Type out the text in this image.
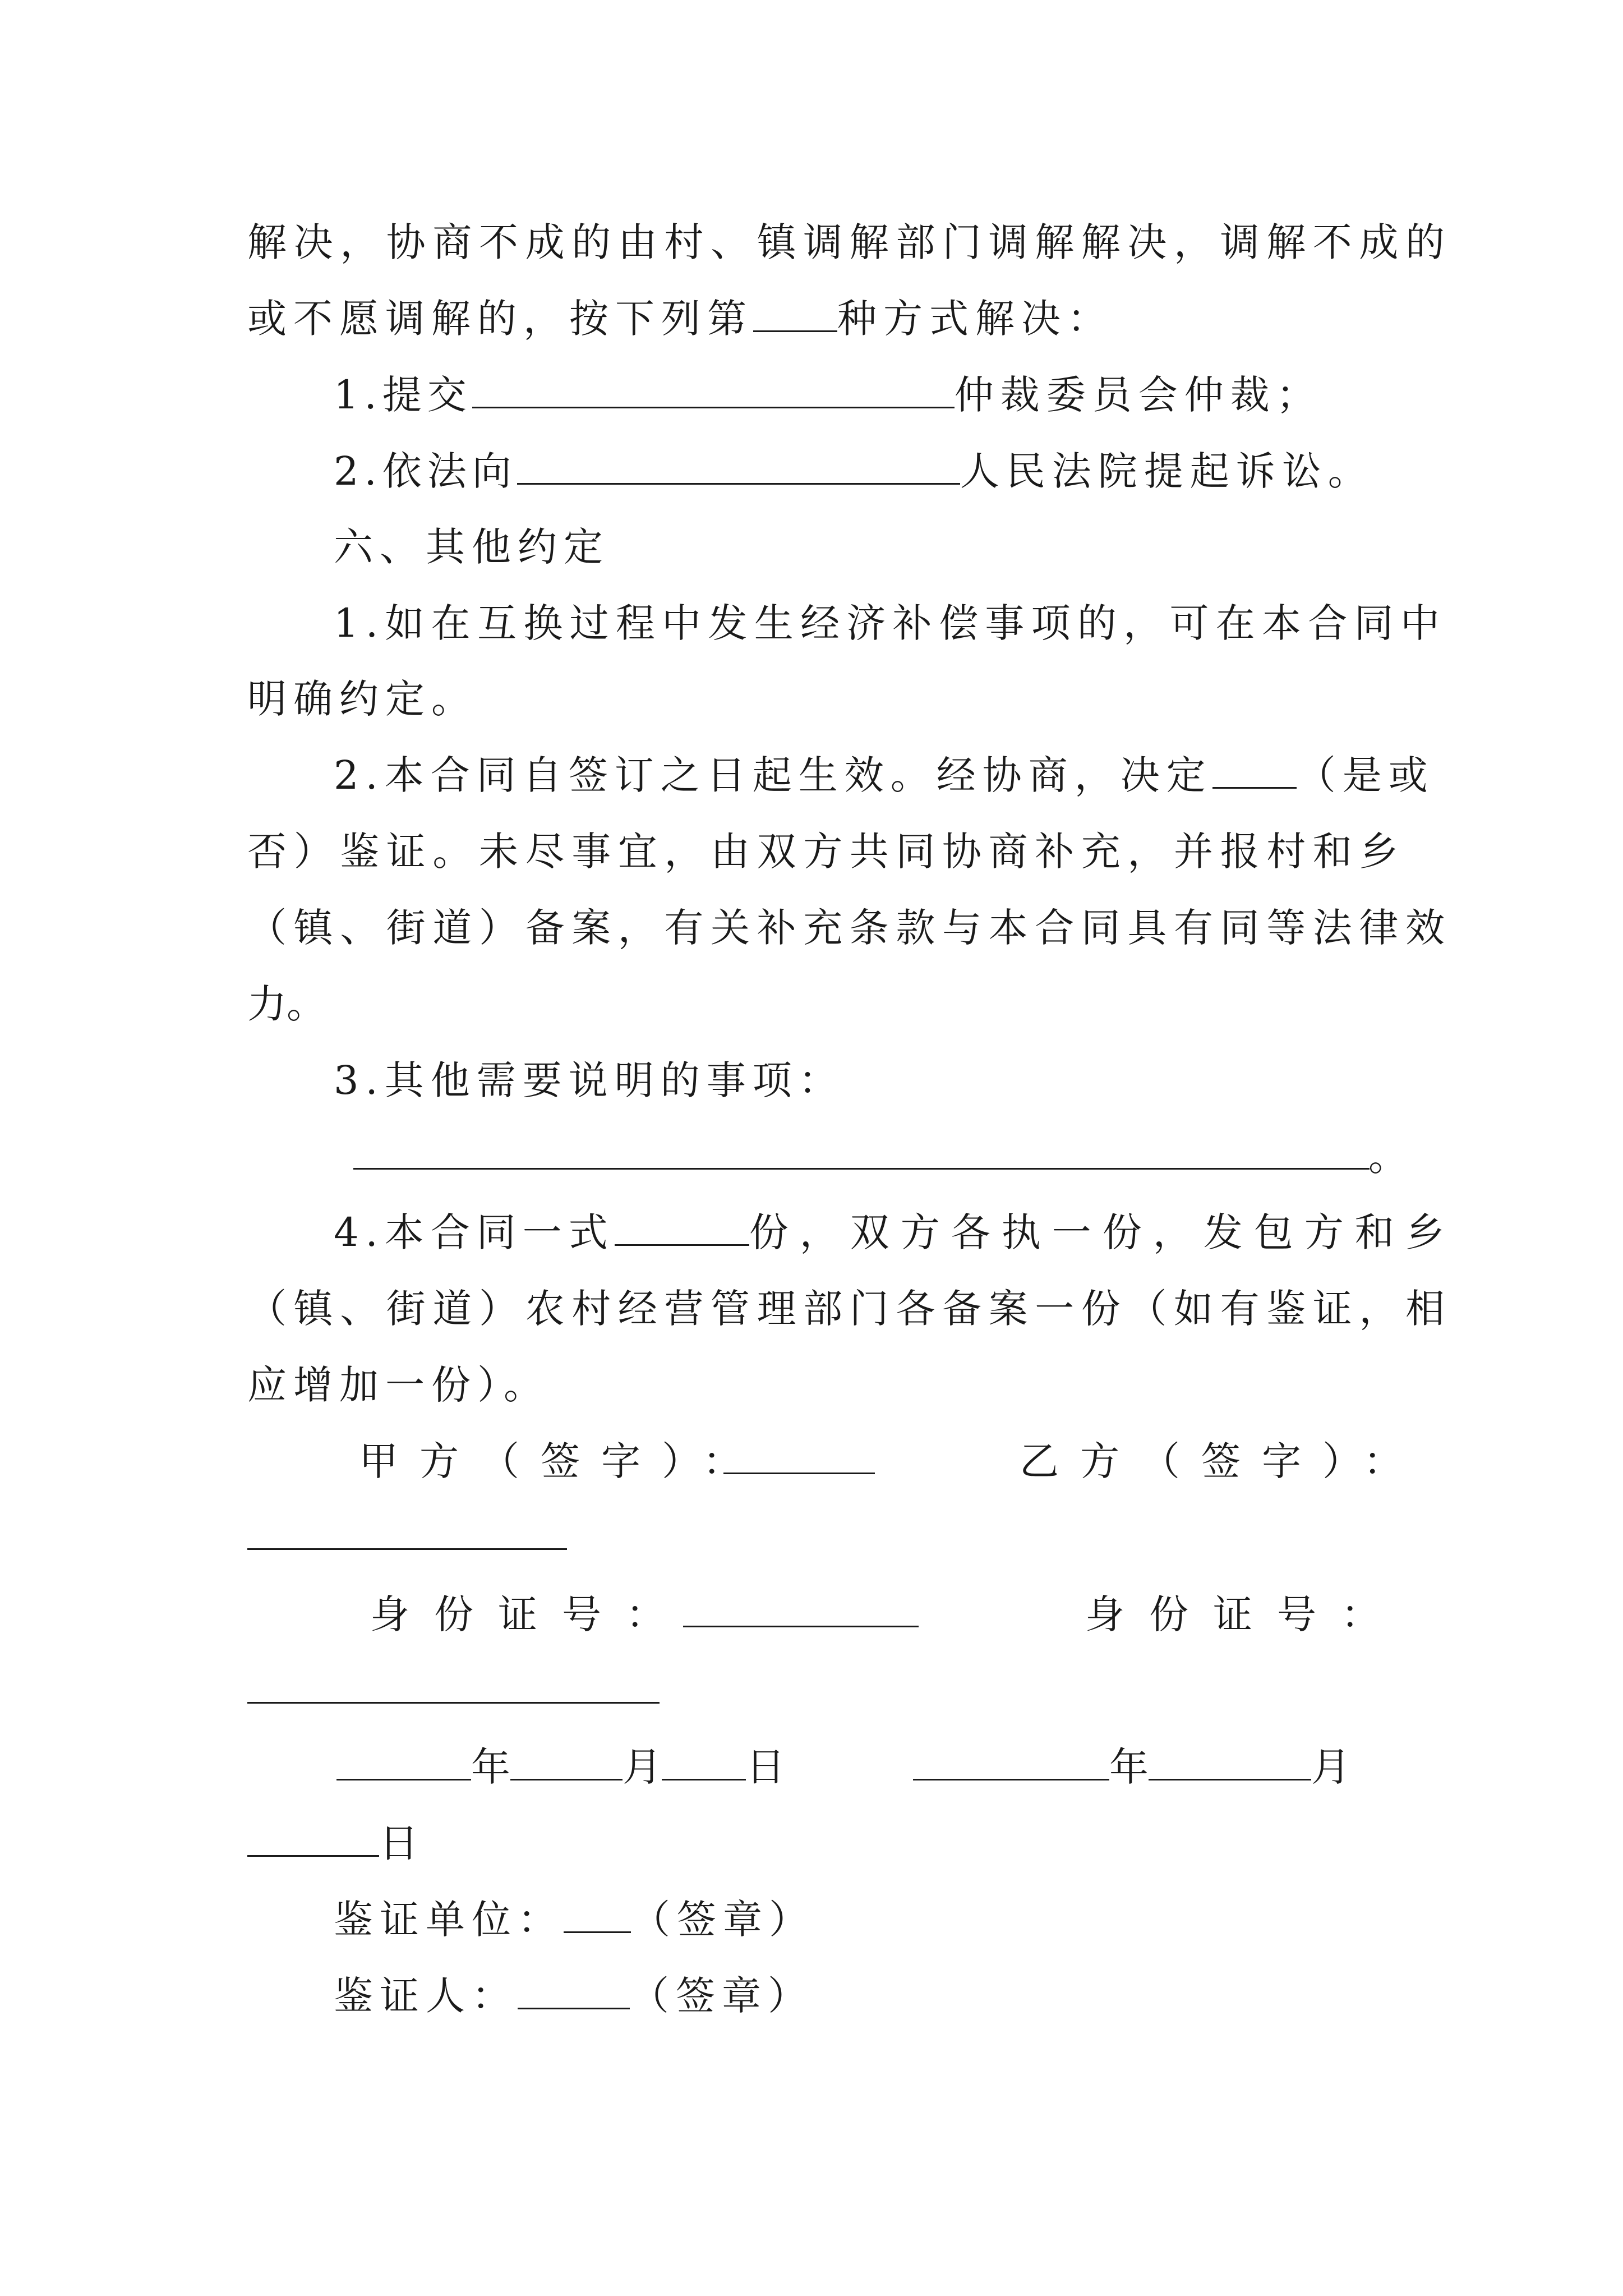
解决，协商不成的由村、镇调解部门调解解决，调解不成的
或不愿调解的，按下列第 种方式解决：
1.提交	仲裁委员会仲裁；
2.依法向	人民法院提起诉讼。
六、其他约定
1.如在互换过程中发生经济补偿事项的，可在本合同中
明确约定。
2.本合同自签订之日起生效。经协商，决定 （是或
否）鉴证。未尽事宜，由双方共同协商补充，并报村和乡
（镇、街道）备案，有关补充条款与本合同具有同等法律效
力。
3.其他需要说明的事项：
。
4.本合同一式	份，双方各执一份，发包方和乡
（镇、街道）农村经营管理部门各备案一份（如有鉴证，相
应增加一份）。
甲方（签字）：	乙方（签字）：
身份证号：	身份证号：
年	月 日	年	月
日
鉴证单位： （签章）
鉴证人：	（签章）
